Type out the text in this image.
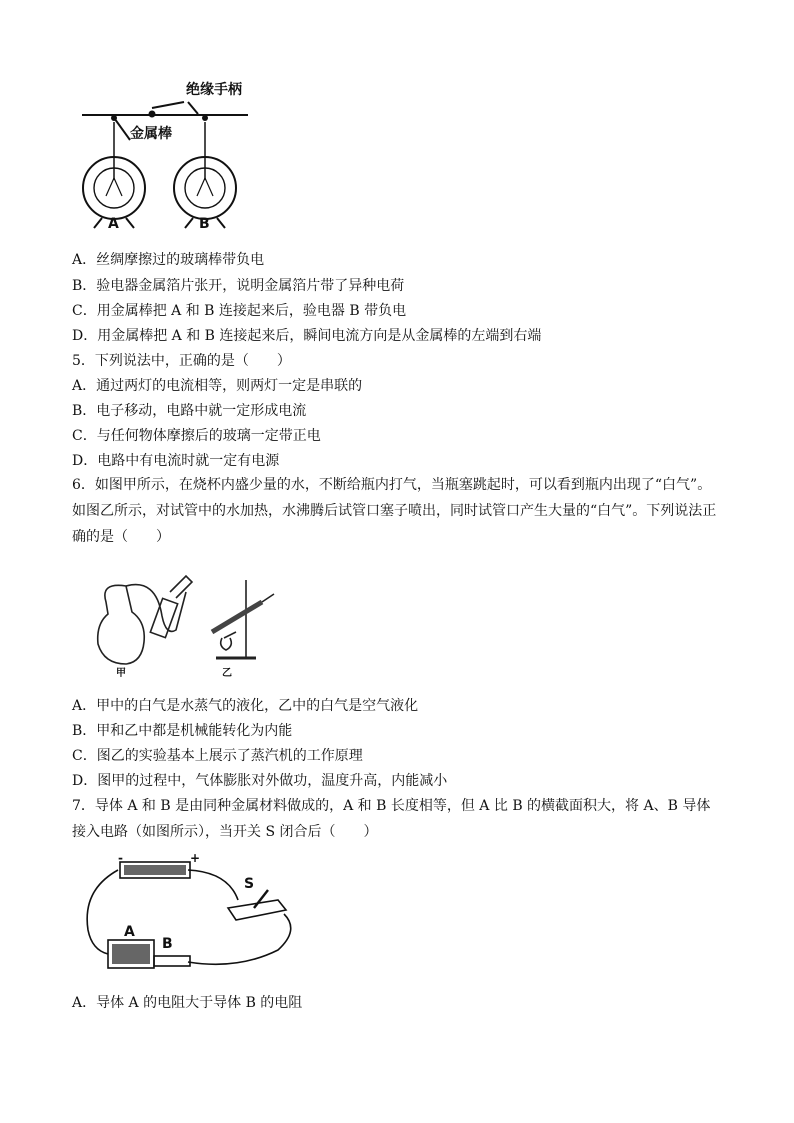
绝缘手柄
金属棒
A	B
A．丝绸摩擦过的玻璃棒带负电
B．验电器金属箔片张开，说明金属箔片带了异种电荷
C．用金属棒把 A 和 B 连接起来后，验电器 B 带负电
D．用金属棒把 A 和 B 连接起来后，瞬间电流方向是从金属棒的左端到右端
5．下列说法中，正确的是（　　）
A．通过两灯的电流相等，则两灯一定是串联的
B．电子移动，电路中就一定形成电流
C．与任何物体摩擦后的玻璃一定带正电
D．电路中有电流时就一定有电源
6．如图甲所示，在烧杯内盛少量的水，不断给瓶内打气，当瓶塞跳起时，可以看到瓶内出现了“白气”。如图乙所示，对试管中的水加热，水沸腾后试管口塞子喷出，同时试管口产生大量的“白气”。下列说法正确的是（　　）
甲	乙
A．甲中的白气是水蒸气的液化，乙中的白气是空气液化
B．甲和乙中都是机械能转化为内能
C．图乙的实验基本上展示了蒸汽机的工作原理
D．图甲的过程中，气体膨胀对外做功，温度升高，内能减小
7．导体 A 和 B 是由同种金属材料做成的，A 和 B 长度相等，但 A 比 B 的横截面积大，将 A、B 导体接入电路（如图所示），当开关 S 闭合后（　　）
A
B
S
-	+
A．导体 A 的电阻大于导体 B 的电阻
